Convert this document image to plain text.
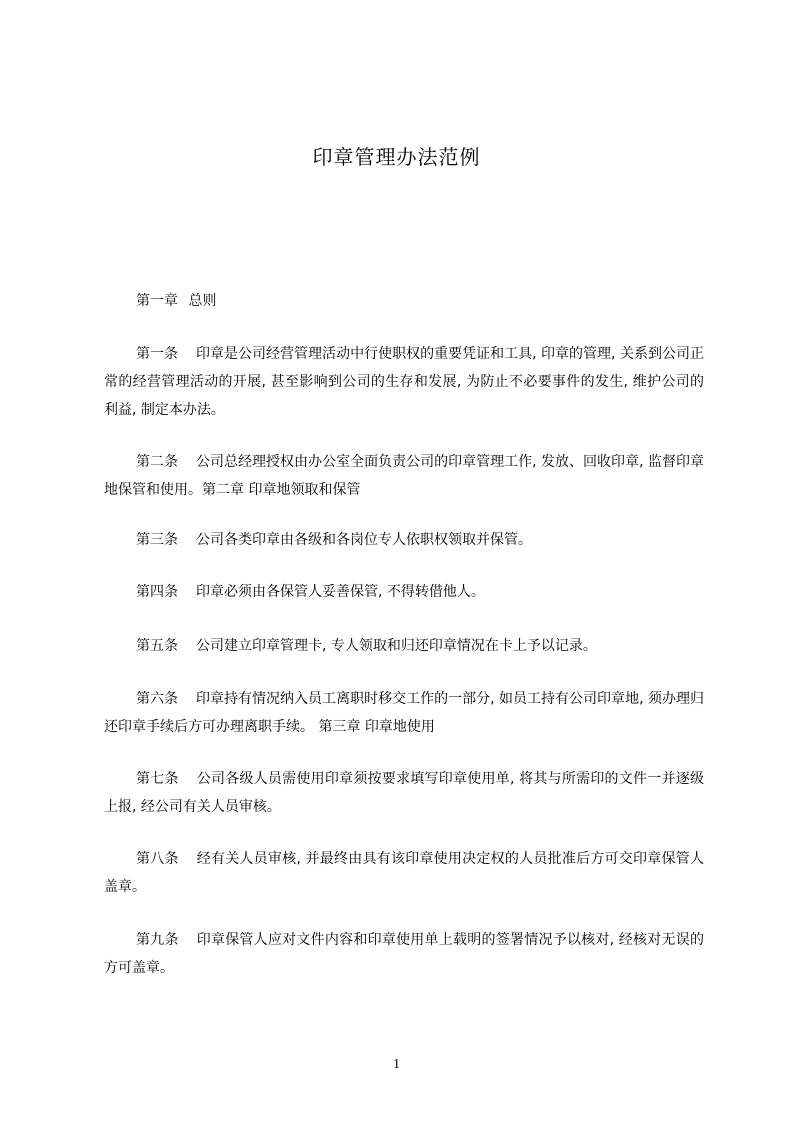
印章管理办法范例
第一章 总则
第一条 印章是公司经营管理活动中行使职权的重要凭证和工具, 印章的管理, 关系到公司正常的经营管理活动的开展, 甚至影响到公司的生存和发展, 为防止不必要事件的发生, 维护公司的利益, 制定本办法。
第二条 公司总经理授权由办公室全面负责公司的印章管理工作, 发放、回收印章, 监督印章地保管和使用。第二章 印章地领取和保管
第三条 公司各类印章由各级和各岗位专人依职权领取并保管。
第四条 印章必须由各保管人妥善保管, 不得转借他人。
第五条 公司建立印章管理卡, 专人领取和归还印章情况在卡上予以记录。
第六条 印章持有情况纳入员工离职时移交工作的一部分, 如员工持有公司印章地, 须办理归还印章手续后方可办理离职手续。 第三章 印章地使用
第七条 公司各级人员需使用印章须按要求填写印章使用单, 将其与所需印的文件一并逐级上报, 经公司有关人员审核。
第八条 经有关人员审核, 并最终由具有该印章使用决定权的人员批准后方可交印章保管人盖章。
第九条 印章保管人应对文件内容和印章使用单上载明的签署情况予以核对, 经核对无误的方可盖章。
1
